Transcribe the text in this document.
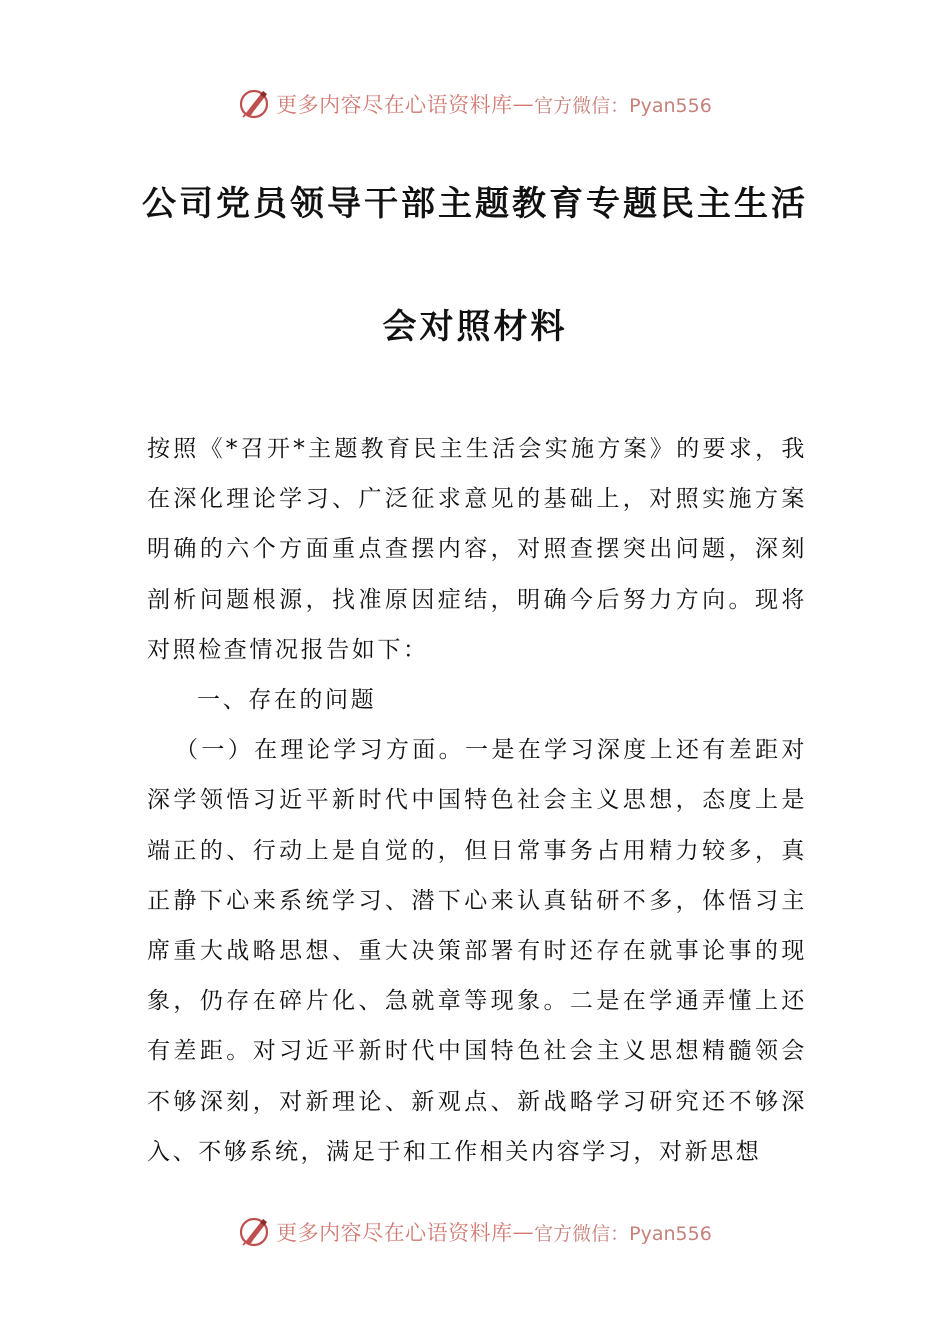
更多内容尽在心语资料库 — 官方微信：Pyan556
公司党员领导干部主题教育专题民主生活
会对照材料

按照《*召开*主题教育民主生活会实施方案》的要求，我在深化理论学习、广泛征求意见的基础上，对照实施方案明确的六个方面重点查摆内容，对照查摆突出问题，深刻剖析问题根源，找准原因症结，明确今后努力方向。现将对照检查情况报告如下：

一、存在的问题

（一）在理论学习方面。一是在学习深度上还有差距对深学领悟习近平新时代中国特色社会主义思想，态度上是端正的、行动上是自觉的，但日常事务占用精力较多，真正静下心来系统学习、潜下心来认真钻研不多，体悟习主席重大战略思想、重大决策部署有时还存在就事论事的现象，仍存在碎片化、急就章等现象。二是在学通弄懂上还有差距。对习近平新时代中国特色社会主义思想精髓领会不够深刻，对新理论、新观点、新战略学习研究还不够深入、不够系统，满足于和工作相关内容学习，对新思想

更多内容尽在心语资料库 — 官方微信：Pyan556
